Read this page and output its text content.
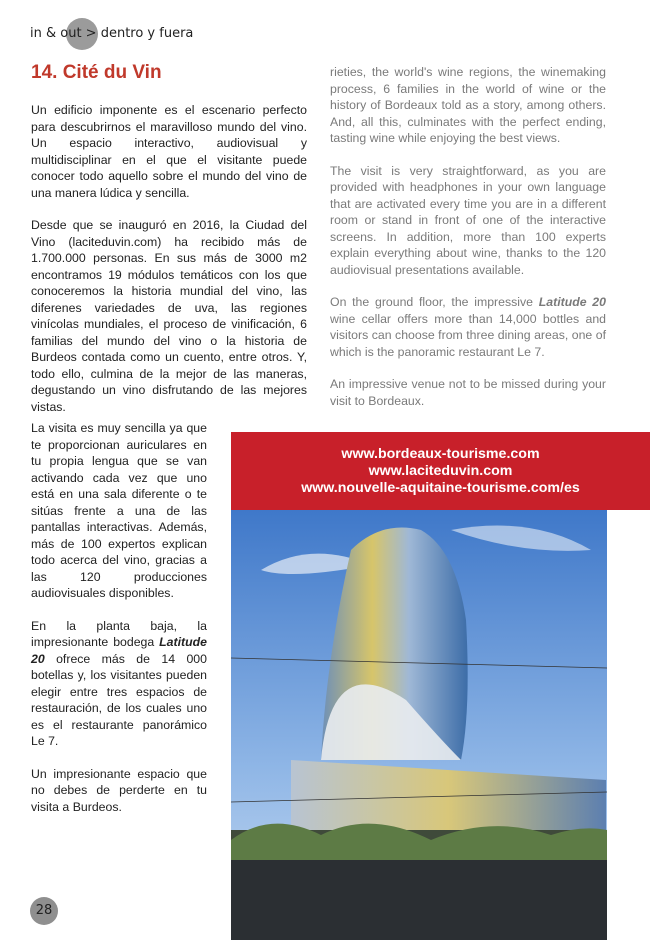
in & out > dentro y fuera
14. Cité du Vin

Un edificio imponente es el escenario perfecto para descubrirnos el maravilloso mundo del vino. Un espacio interactivo, audiovisual y multidisciplinar en el que el visitante puede conocer todo aquello sobre el mundo del vino de una manera lúdica y sencilla.

Desde que se inauguró en 2016, la Ciudad del Vino (laciteduvin.com) ha recibido más de 1.700.000 personas. En sus más de 3000 m2 encontramos 19 módulos temáticos con los que conoceremos la historia mundial del vino, las diferenes variedades de uva, las regiones vinícolas mundiales, el proceso de vinificación, 6 familias del mundo del vino o la historia de Burdeos contada como un cuento, entre otros. Y, todo ello, culmina de la mejor de las maneras, degustando un vino disfrutando de las mejores vistas.

La visita es muy sencilla ya que te proporcionan auriculares en tu propia lengua que se van activando cada vez que uno está en una sala diferente o te sitúas frente a una de las pantallas interactivas. Además, más de 100 expertos explican todo acerca del vino, gracias a las 120 producciones audiovisuales disponibles.

En la planta baja, la impresionante bodega Latitude 20 ofrece más de 14 000 botellas y, los visitantes pueden elegir entre tres espacios de restauración, de los cuales uno es el restaurante panorámico Le 7.

Un impresionante espacio que no debes de perderte en tu visita a Burdeos.

rieties, the world's wine regions, the winemaking process, 6 families in the world of wine or the history of Bordeaux told as a story, among others. And, all this, culminates with the perfect ending, tasting wine while enjoying the best views.

The visit is very straightforward, as you are provided with headphones in your own language that are activated every time you are in a different room or stand in front of one of the interactive screens. In addition, more than 100 experts explain everything about wine, thanks to the 120 audiovisual presentations available.

On the ground floor, the impressive Latitude 20 wine cellar offers more than 14,000 bottles and visitors can choose from three dining areas, one of which is the panoramic restaurant Le 7.

An impressive venue not to be missed during your visit to Bordeaux.

www.bordeaux-tourisme.com
www.laciteduvin.com
www.nouvelle-aquitaine-tourisme.com/es
28
